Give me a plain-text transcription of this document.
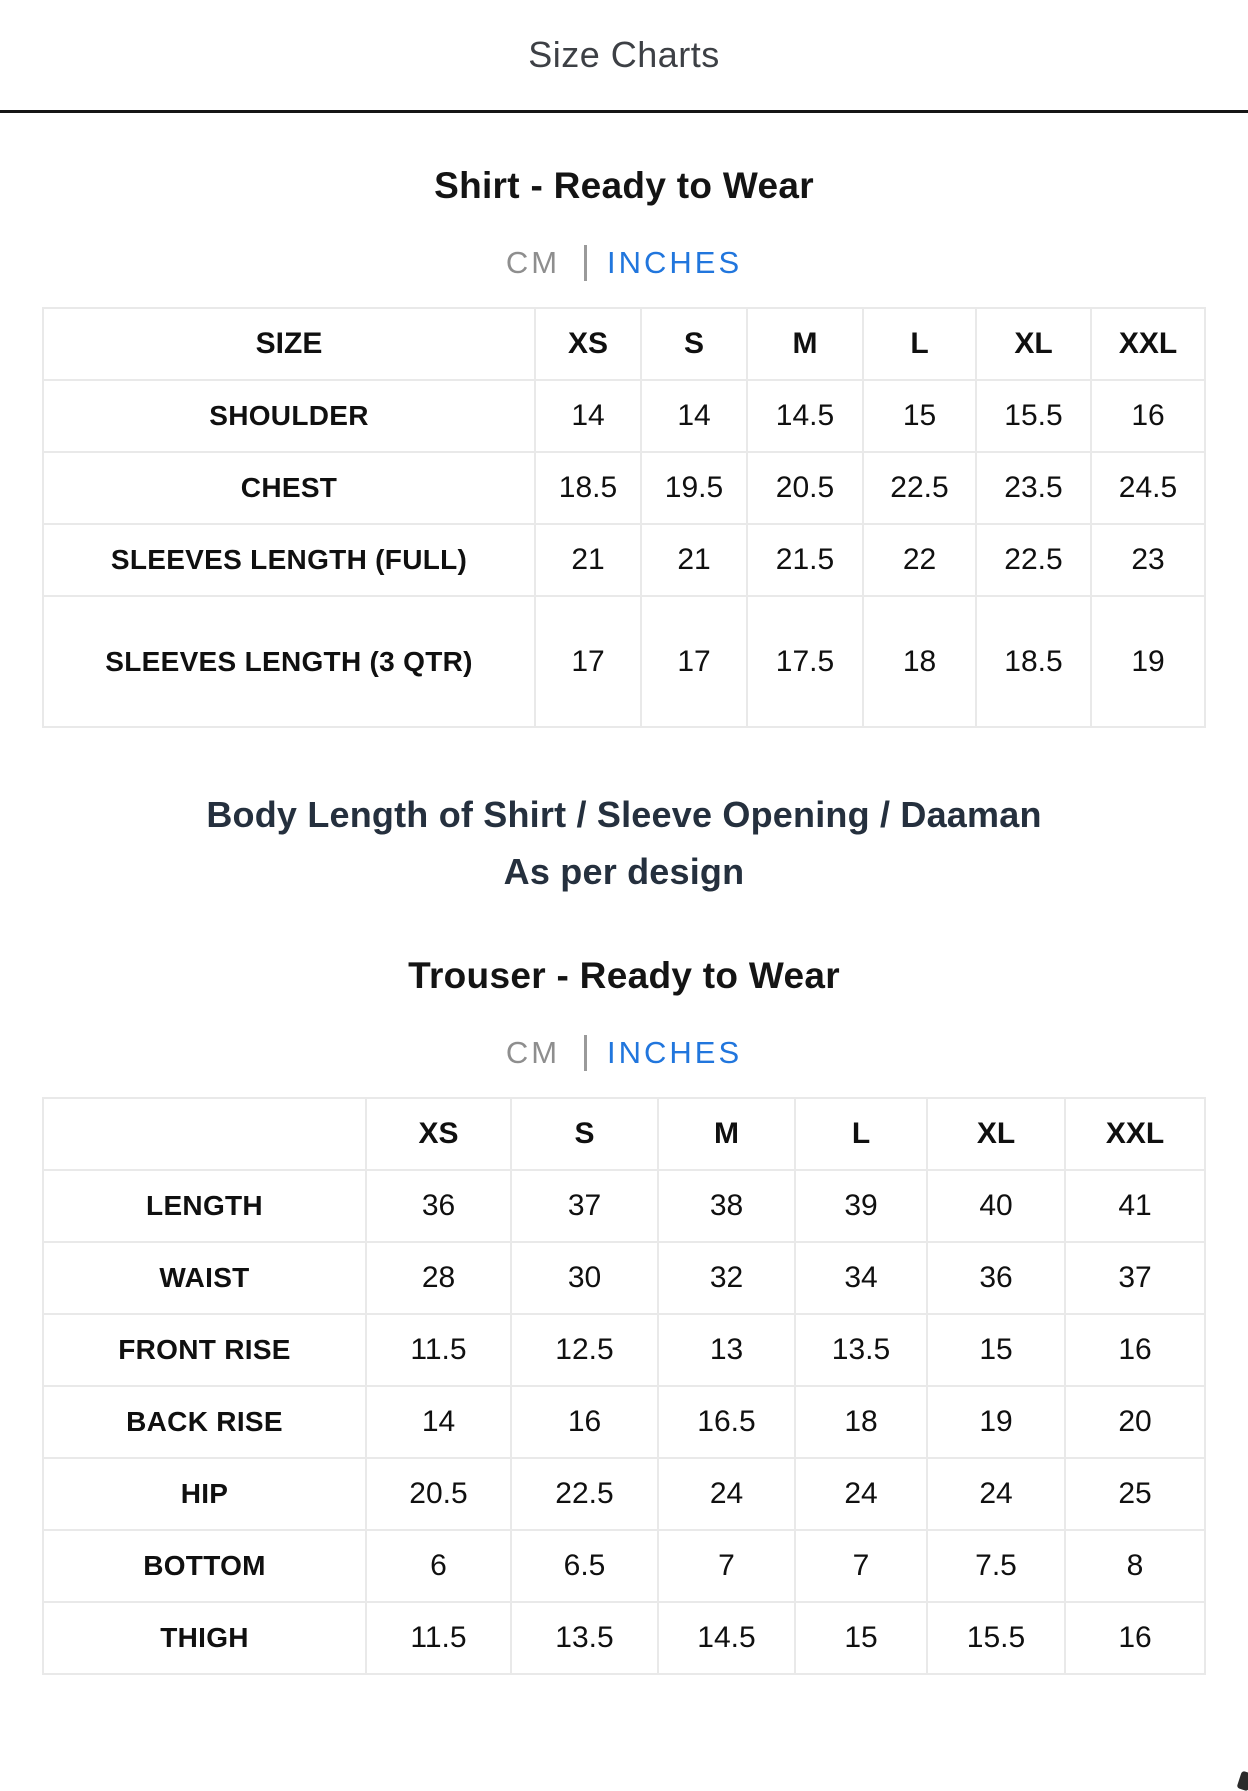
Size Charts
Shirt - Ready to Wear
CM INCHES
SIZE	XS	S	M	L	XL	XXL
SHOULDER	14	14	14.5	15	15.5	16
CHEST	18.5	19.5	20.5	22.5	23.5	24.5
SLEEVES LENGTH (FULL)	21	21	21.5	22	22.5	23
SLEEVES LENGTH (3 QTR)	17	17	17.5	18	18.5	19
Body Length of Shirt / Sleeve Opening / Daaman
As per design
Trouser - Ready to Wear
CM INCHES
	XS	S	M	L	XL	XXL
LENGTH	36	37	38	39	40	41
WAIST	28	30	32	34	36	37
FRONT RISE	11.5	12.5	13	13.5	15	16
BACK RISE	14	16	16.5	18	19	20
HIP	20.5	22.5	24	24	24	25
BOTTOM	6	6.5	7	7	7.5	8
THIGH	11.5	13.5	14.5	15	15.5	16
